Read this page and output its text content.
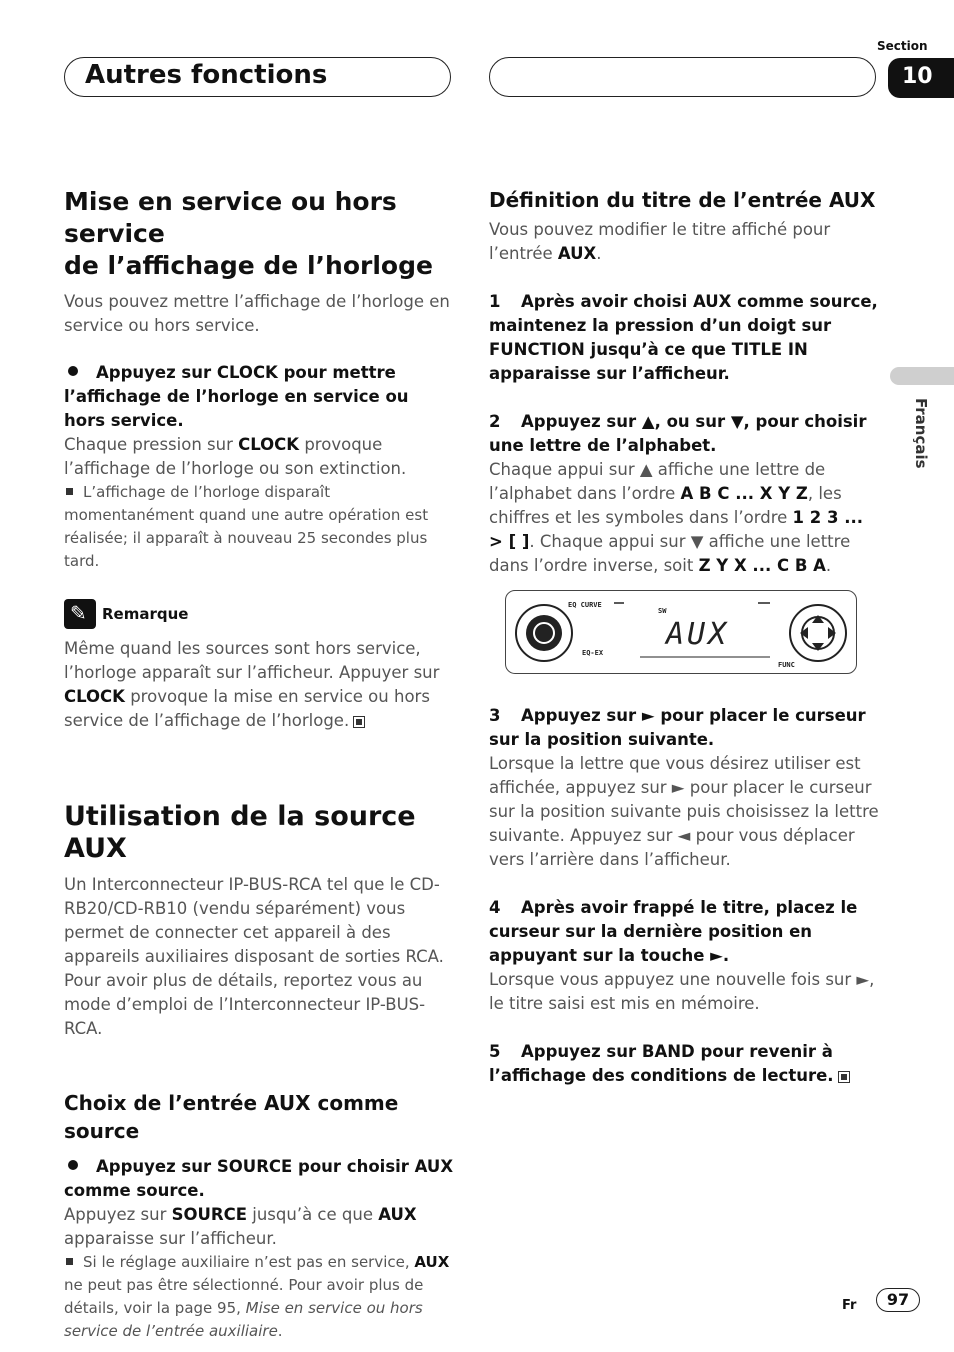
Autres fonctions
Section
10
Français
Mise en service ou hors service
de l’affichage de l’horloge

Vous pouvez mettre l’affichage de l’horloge en service ou hors service.

Appuyez sur CLOCK pour mettre l’affichage de l’horloge en service ou hors service.

Chaque pression sur CLOCK provoque l’affichage de l’horloge ou son extinction.

L’affichage de l’horloge disparaît momentanément quand une autre opération est réalisée; il apparaît à nouveau 25 secondes plus tard.
✎Remarque

Même quand les sources sont hors service, l’horloge apparaît sur l’afficheur. Appuyer sur CLOCK provoque la mise en service ou hors service de l’affichage de l’horloge.

Utilisation de la source AUX

Un Interconnecteur IP-BUS-RCA tel que le CD-RB20/CD-RB10 (vendu séparément) vous permet de connecter cet appareil à des appareils auxiliaires disposant de sorties RCA. Pour avoir plus de détails, reportez vous au mode d’emploi de l’Interconnecteur IP-BUS-RCA.

Choix de l’entrée AUX comme source
Appuyez sur SOURCE pour choisir AUX comme source.

Appuyez sur SOURCE jusqu’à ce que AUX apparaisse sur l’afficheur.

Si le réglage auxiliaire n’est pas en service, AUX ne peut pas être sélectionné. Pour avoir plus de détails, voir la page 95, Mise en service ou hors service de l’entrée auxiliaire.
Définition du titre de l’entrée AUX

Vous pouvez modifier le titre affiché pour l’entrée AUX.

1 Après avoir choisi AUX comme source, maintenez la pression d’un doigt sur FUNCTION jusqu’à ce que TITLE IN apparaisse sur l’afficheur.
2 Appuyez sur ▲, ou sur ▼, pour choisir une lettre de l’alphabet.

Chaque appui sur ▲ affiche une lettre de l’alphabet dans l’ordre A B C ... X Y Z, les chiffres et les symboles dans l’ordre 1 2 3 ... > [ ]. Chaque appui sur ▼ affiche une lettre dans l’ordre inverse, soit Z Y X ... C B A.

EQ CURVE
SW
EQ-EX
FUNC
AUX
3 Appuyez sur ► pour placer le curseur sur la position suivante.

Lorsque la lettre que vous désirez utiliser est affichée, appuyez sur ► pour placer le curseur sur la position suivante puis choisissez la lettre suivante. Appuyez sur ◄ pour vous déplacer vers l’arrière dans l’afficheur.

4 Après avoir frappé le titre, placez le curseur sur la dernière position en appuyant sur la touche ►.

Lorsque vous appuyez une nouvelle fois sur ►, le titre saisi est mis en mémoire.

5 Appuyez sur BAND pour revenir à l’affichage des conditions de lecture.
Fr	97
